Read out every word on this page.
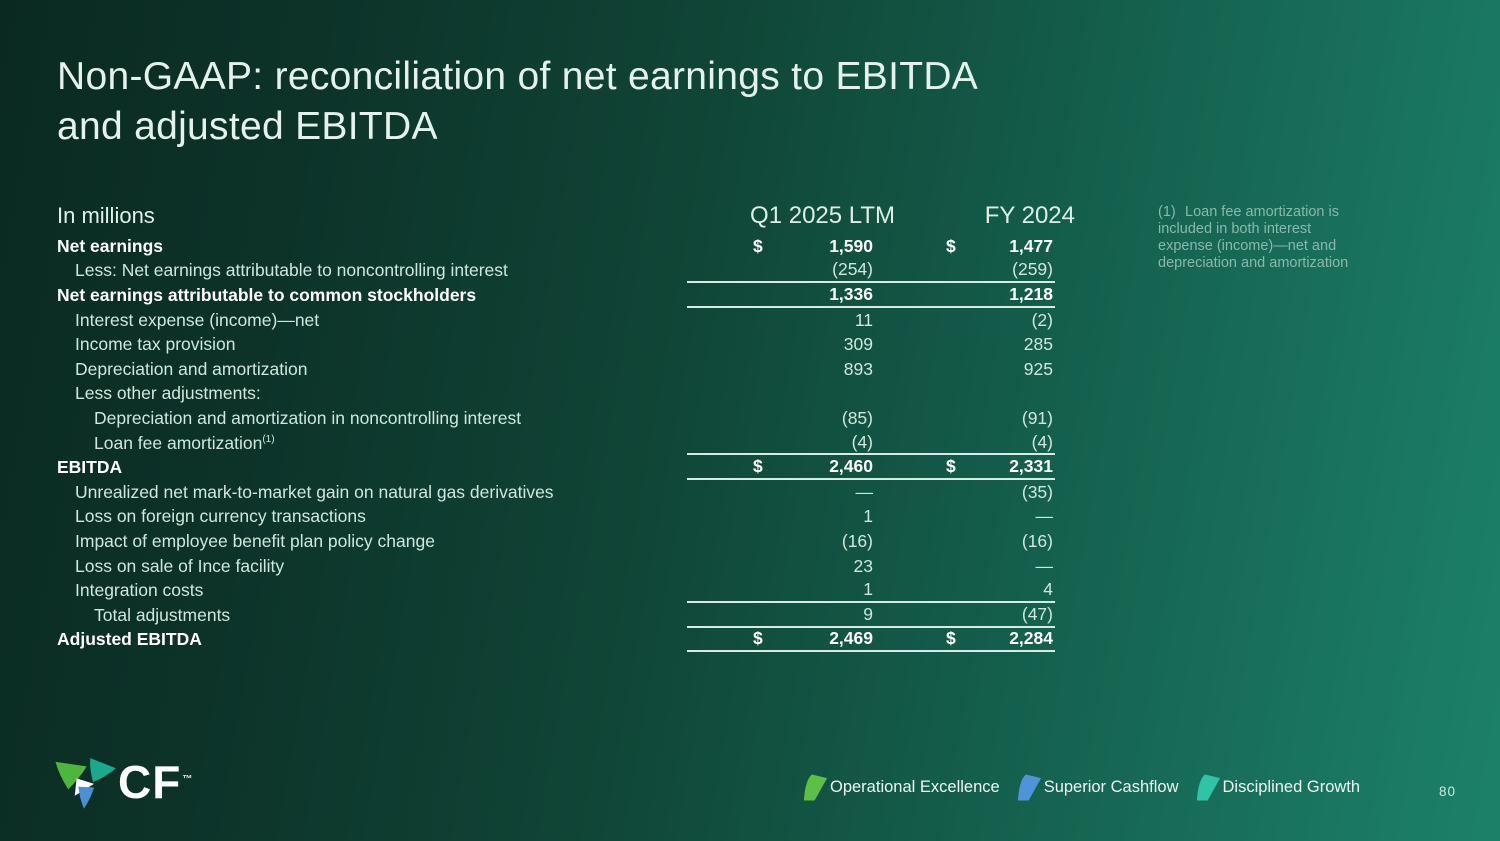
Non-GAAP: reconciliation of net earnings to EBITDA
and adjusted EBITDA
In millions	Q1 2025 LTM	FY 2024
Net earnings	$	1,590	$	1,477
Less: Net earnings attributable to noncontrolling interest	(254)	(259)
Net earnings attributable to common stockholders	1,336	1,218
Interest expense (income)—net	11	(2)
Income tax provision	309	285
Depreciation and amortization	893	925
Less other adjustments:
Depreciation and amortization in noncontrolling interest	(85)	(91)
Loan fee amortization$^{(1)}$	(4)	(4)
EBITDA	$	2,460	$	2,331
Unrealized net mark-to-market gain on natural gas derivatives	—	(35)
Loss on foreign currency transactions	1	—
Impact of employee benefit plan policy change	(16)	(16)
Loss on sale of Ince facility	23	—
Integration costs	1	4
Total adjustments	9	(47)
Adjusted EBITDA	$	2,469	$	2,284
(1) Loan fee amortization is
included in both interest
expense (income)—net and
depreciation and amortization
CF™	Operational Excellence	Superior Cashflow	Disciplined Growth	80
